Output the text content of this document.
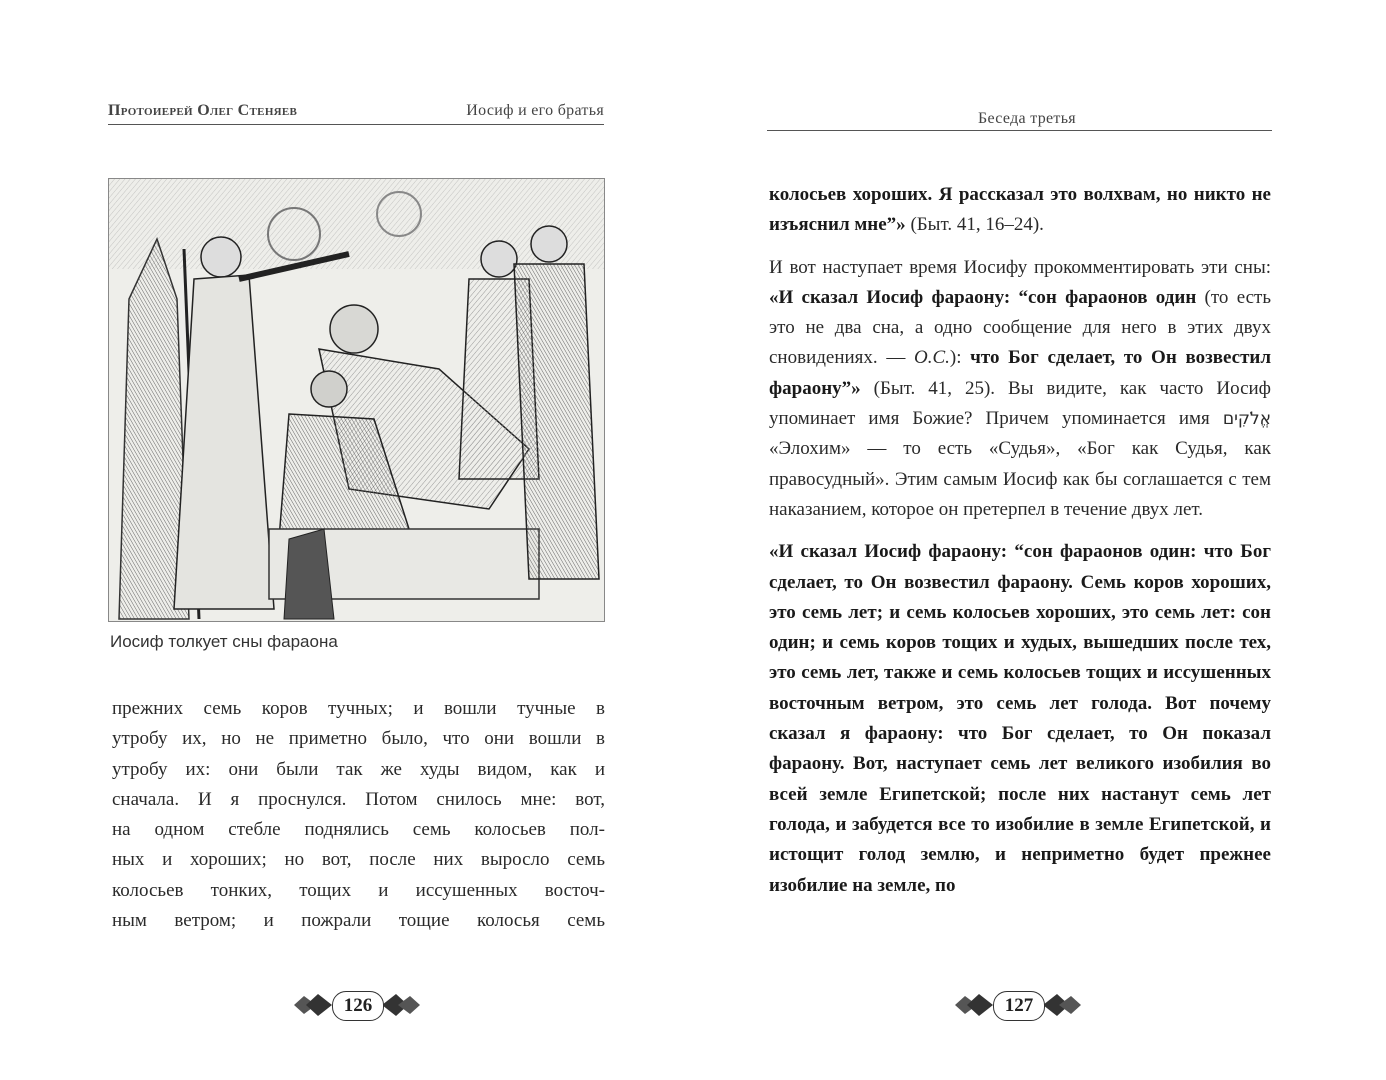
Протоиерей Олег Стеняев	Иосиф и его братья
Иосиф толкует сны фараона

прежних семь коров тучных; и вошли тучные в

утробу их, но не приметно было, что они вошли в

утробу их: они были так же худы видом, как и

сначала. И я проснулся. Потом снилось мне: вот,

на одном стебле поднялись семь колосьев пол-

ных и хороших; но вот, после них выросло семь

колосьев тонких, тощих и иссушенных восточ-

ным ветром; и пожрали тощие колосья семь

126
Беседа третья

колосьев хороших. Я рассказал это волхвам, но никто не изъяснил мне”» (Быт. 41, 16–24).

И вот наступает время Иосифу прокомментировать эти сны: «И сказал Иосиф фараону: “сон фараонов один (то есть это не два сна, а одно сообщение для него в этих двух сновидениях. — О.С.): что Бог сделает, то Он возвестил фараону”» (Быт. 41, 25). Вы видите, как часто Иосиф упоминает имя Божие? Причем упоминается имя אֱלֹקִים «Элохим» — то есть «Судья», «Бог как Судья, как правосудный». Этим самым Иосиф как бы соглашается с тем наказанием, которое он претерпел в течение двух лет.

«И сказал Иосиф фараону: “сон фараонов один: что Бог сделает, то Он возвестил фараону. Семь коров хороших, это семь лет; и семь колосьев хороших, это семь лет: сон один; и семь коров тощих и худых, вышедших после тех, это семь лет, также и семь колосьев тощих и иссушенных восточным ветром, это семь лет голода. Вот почему сказал я фараону: что Бог сделает, то Он показал фараону. Вот, наступает семь лет великого изобилия во всей земле Египетской; после них настанут семь лет голода, и забудется все то изобилие в земле Египетской, и истощит голод землю, и неприметно будет прежнее изобилие на земле, по

127
